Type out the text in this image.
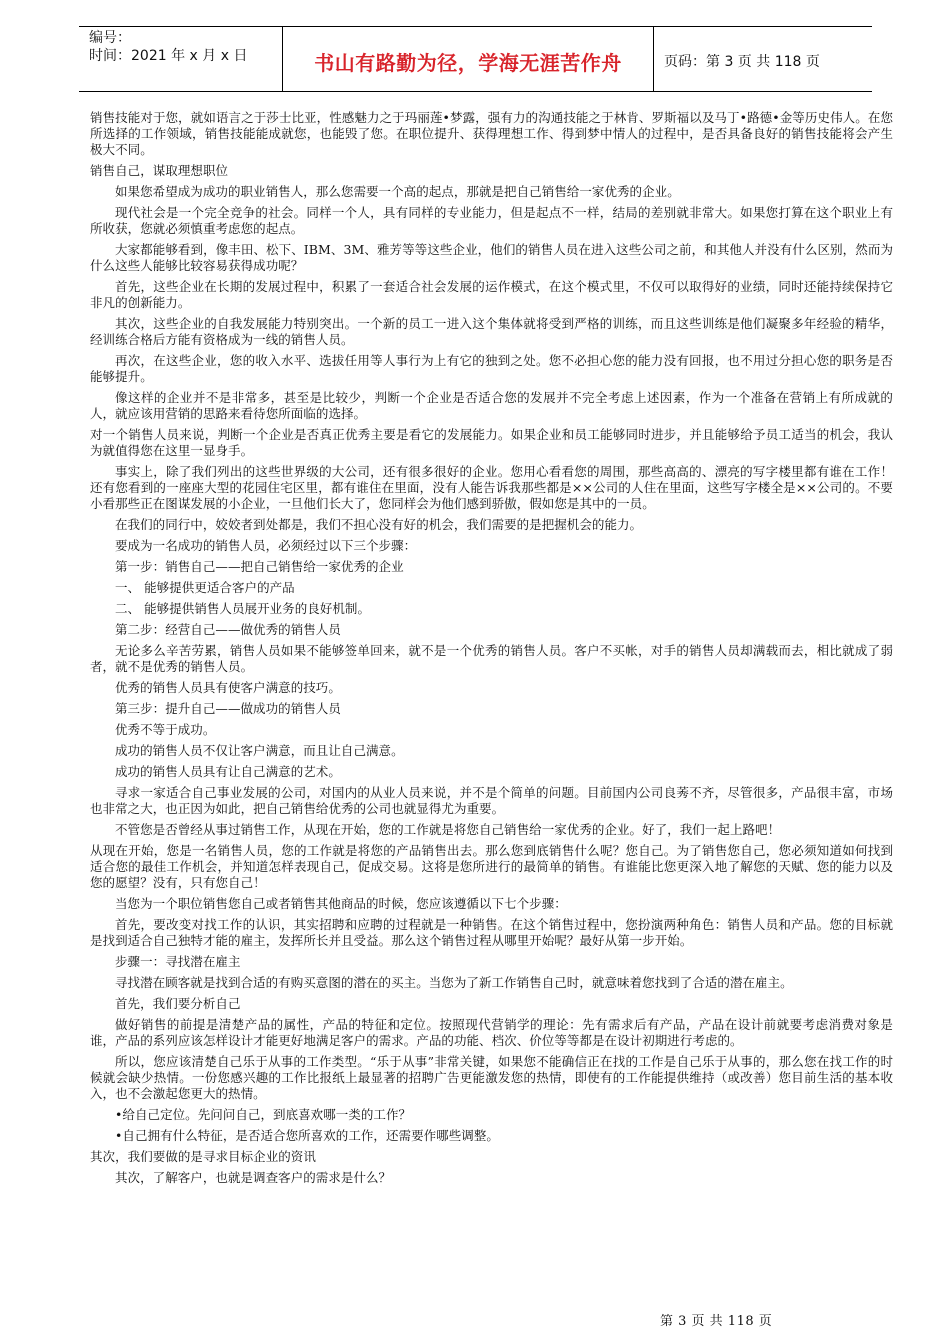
编号：
时间：2021 年 x 月 x 日	书山有路勤为径，学海无涯苦作舟	页码：第 3 页 共 118 页

销售技能对于您，就如语言之于莎士比亚，性感魅力之于玛丽莲•梦露，强有力的沟通技能之于林肯、罗斯福以及马丁•路德•金等历史伟人。在您所选择的工作领域，销售技能能成就您，也能毁了您。在职位提升、获得理想工作、得到梦中情人的过程中，是否具备良好的销售技能将会产生极大不同。

销售自己，谋取理想职位

如果您希望成为成功的职业销售人，那么您需要一个高的起点，那就是把自己销售给一家优秀的企业。

现代社会是一个完全竞争的社会。同样一个人，具有同样的专业能力，但是起点不一样，结局的差别就非常大。如果您打算在这个职业上有所收获，您就必须慎重考虑您的起点。

大家都能够看到，像丰田、松下、IBM、3M、雅芳等等这些企业，他们的销售人员在进入这些公司之前，和其他人并没有什么区别，然而为什么这些人能够比较容易获得成功呢？

首先，这些企业在长期的发展过程中，积累了一套适合社会发展的运作模式，在这个模式里，不仅可以取得好的业绩，同时还能持续保持它非凡的创新能力。

其次，这些企业的自我发展能力特别突出。一个新的员工一进入这个集体就将受到严格的训练，而且这些训练是他们凝聚多年经验的精华，经训练合格后方能有资格成为一线的销售人员。

再次，在这些企业，您的收入水平、选拔任用等人事行为上有它的独到之处。您不必担心您的能力没有回报，也不用过分担心您的职务是否能够提升。

像这样的企业并不是非常多，甚至是比较少，判断一个企业是否适合您的发展并不完全考虑上述因素，作为一个准备在营销上有所成就的人，就应该用营销的思路来看待您所面临的选择。

对一个销售人员来说，判断一个企业是否真正优秀主要是看它的发展能力。如果企业和员工能够同时进步，并且能够给予员工适当的机会，我认为就值得您在这里一显身手。

事实上，除了我们列出的这些世界级的大公司，还有很多很好的企业。您用心看看您的周围，那些高高的、漂亮的写字楼里都有谁在工作！还有您看到的一座座大型的花园住宅区里，都有谁住在里面，没有人能告诉我那些都是××公司的人住在里面，这些写字楼全是××公司的。不要小看那些正在图谋发展的小企业，一旦他们长大了，您同样会为他们感到骄傲，假如您是其中的一员。

在我们的同行中，姣姣者到处都是，我们不担心没有好的机会，我们需要的是把握机会的能力。

要成为一名成功的销售人员，必须经过以下三个步骤：

第一步：销售自己——把自己销售给一家优秀的企业

一、 能够提供更适合客户的产品

二、 能够提供销售人员展开业务的良好机制。

第二步：经营自己——做优秀的销售人员

无论多么辛苦劳累，销售人员如果不能够签单回来，就不是一个优秀的销售人员。客户不买帐，对手的销售人员却满载而去，相比就成了弱者，就不是优秀的销售人员。

优秀的销售人员具有使客户满意的技巧。

第三步：提升自己——做成功的销售人员

优秀不等于成功。

成功的销售人员不仅让客户满意，而且让自己满意。

成功的销售人员具有让自己满意的艺术。

寻求一家适合自己事业发展的公司，对国内的从业人员来说，并不是个简单的问题。目前国内公司良莠不齐，尽管很多，产品很丰富，市场也非常之大，也正因为如此，把自己销售给优秀的公司也就显得尤为重要。

不管您是否曾经从事过销售工作，从现在开始，您的工作就是将您自己销售给一家优秀的企业。好了，我们一起上路吧！

从现在开始，您是一名销售人员，您的工作就是将您的产品销售出去。那么您到底销售什么呢？您自己。为了销售您自己，您必须知道如何找到适合您的最佳工作机会，并知道怎样表现自己，促成交易。这将是您所进行的最简单的销售。有谁能比您更深入地了解您的天赋、您的能力以及您的愿望？没有，只有您自己！

当您为一个职位销售您自己或者销售其他商品的时候，您应该遵循以下七个步骤：

首先，要改变对找工作的认识，其实招聘和应聘的过程就是一种销售。在这个销售过程中，您扮演两种角色：销售人员和产品。您的目标就是找到适合自己独特才能的雇主，发挥所长并且受益。那么这个销售过程从哪里开始呢？最好从第一步开始。

步骤一：寻找潜在雇主

寻找潜在顾客就是找到合适的有购买意图的潜在的买主。当您为了新工作销售自己时，就意味着您找到了合适的潜在雇主。

首先，我们要分析自己

做好销售的前提是清楚产品的属性，产品的特征和定位。按照现代营销学的理论：先有需求后有产品，产品在设计前就要考虑消费对象是谁，产品的系列应该怎样设计才能更好地满足客户的需求。产品的功能、档次、价位等等都是在设计初期进行考虑的。

所以，您应该清楚自己乐于从事的工作类型。“乐于从事”非常关键，如果您不能确信正在找的工作是自己乐于从事的，那么您在找工作的时候就会缺少热情。一份您感兴趣的工作比报纸上最显著的招聘广告更能激发您的热情，即使有的工作能提供维持（或改善）您目前生活的基本收入，也不会激起您更大的热情。

•给自己定位。先问问自己，到底喜欢哪一类的工作？

•自己拥有什么特征，是否适合您所喜欢的工作，还需要作哪些调整。

其次，我们要做的是寻求目标企业的资讯

其次，了解客户，也就是调查客户的需求是什么？

第 3 页 共 118 页
